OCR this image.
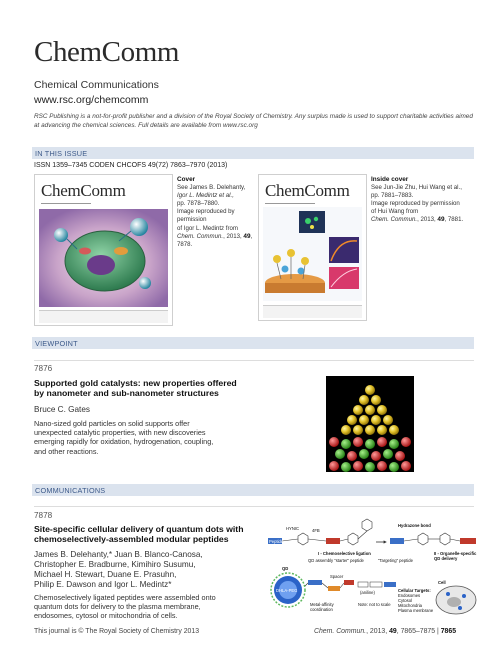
ChemComm
Chemical Communications
www.rsc.org/chemcomm
RSC Publishing is a not-for-profit publisher and a division of the Royal Society of Chemistry. Any surplus made is used to support charitable activities aimed at advancing the chemical sciences. Full details are available from www.rsc.org
IN THIS ISSUE
ISSN 1359–7345 CODEN CHCOFS 49(72) 7863–7970 (2013)
ChemComm
Cover
See James B. Delehanty,
Igor L. Medintz et al.,
pp. 7878–7880.
Image reproduced by permission
of Igor L. Medintz from
Chem. Commun., 2013, 49, 7878.
ChemComm
Inside cover
See Jun-Jie Zhu, Hui Wang et al.,
pp. 7881–7883.
Image reproduced by permission
of Hui Wang from
Chem. Commun., 2013, 49, 7881.
VIEWPOINT
7876
Supported gold catalysts: new properties offered
by nanometer and sub-nanometer structures
Bruce C. Gates
Nano-sized gold particles on solid supports offer
unexpected catalytic properties, with new discoveries
emerging rapidly for oxidation, hydrogenation, coupling,
and other reactions.
COMMUNICATIONS
7878
Site-specific cellular delivery of quantum dots with
chemoselectively-assembled modular peptides
James B. Delehanty,* Juan B. Blanco-Canosa,
Christopher E. Bradburne, Kimihiro Susumu,
Michael H. Stewart, Duane E. Prasuhn,
Philip E. Dawson and Igor L. Medintz*
Chemoselectively ligated peptides were assembled onto
quantum dots for delivery to the plasma membrane,
endosomes, cytosol or mitochondria of cells.
Peptide
HYNIC	4FB
Hydrazone bond
I - Chemoselective ligation
QD assembly “starter” peptide	“Targeting” peptide
II - Organelle-specific QD delivery
QD
DHLA-PEG
Spacer
(aniline)
Metal-affinity coordination
Note: not to scale
Cellular Targets:
Endosomes
Cytosol
Mitochondria
Plasma membrane
Cell
This journal is © The Royal Society of Chemistry 2013	Chem. Commun., 2013, 49, 7865–7875 | 7865
